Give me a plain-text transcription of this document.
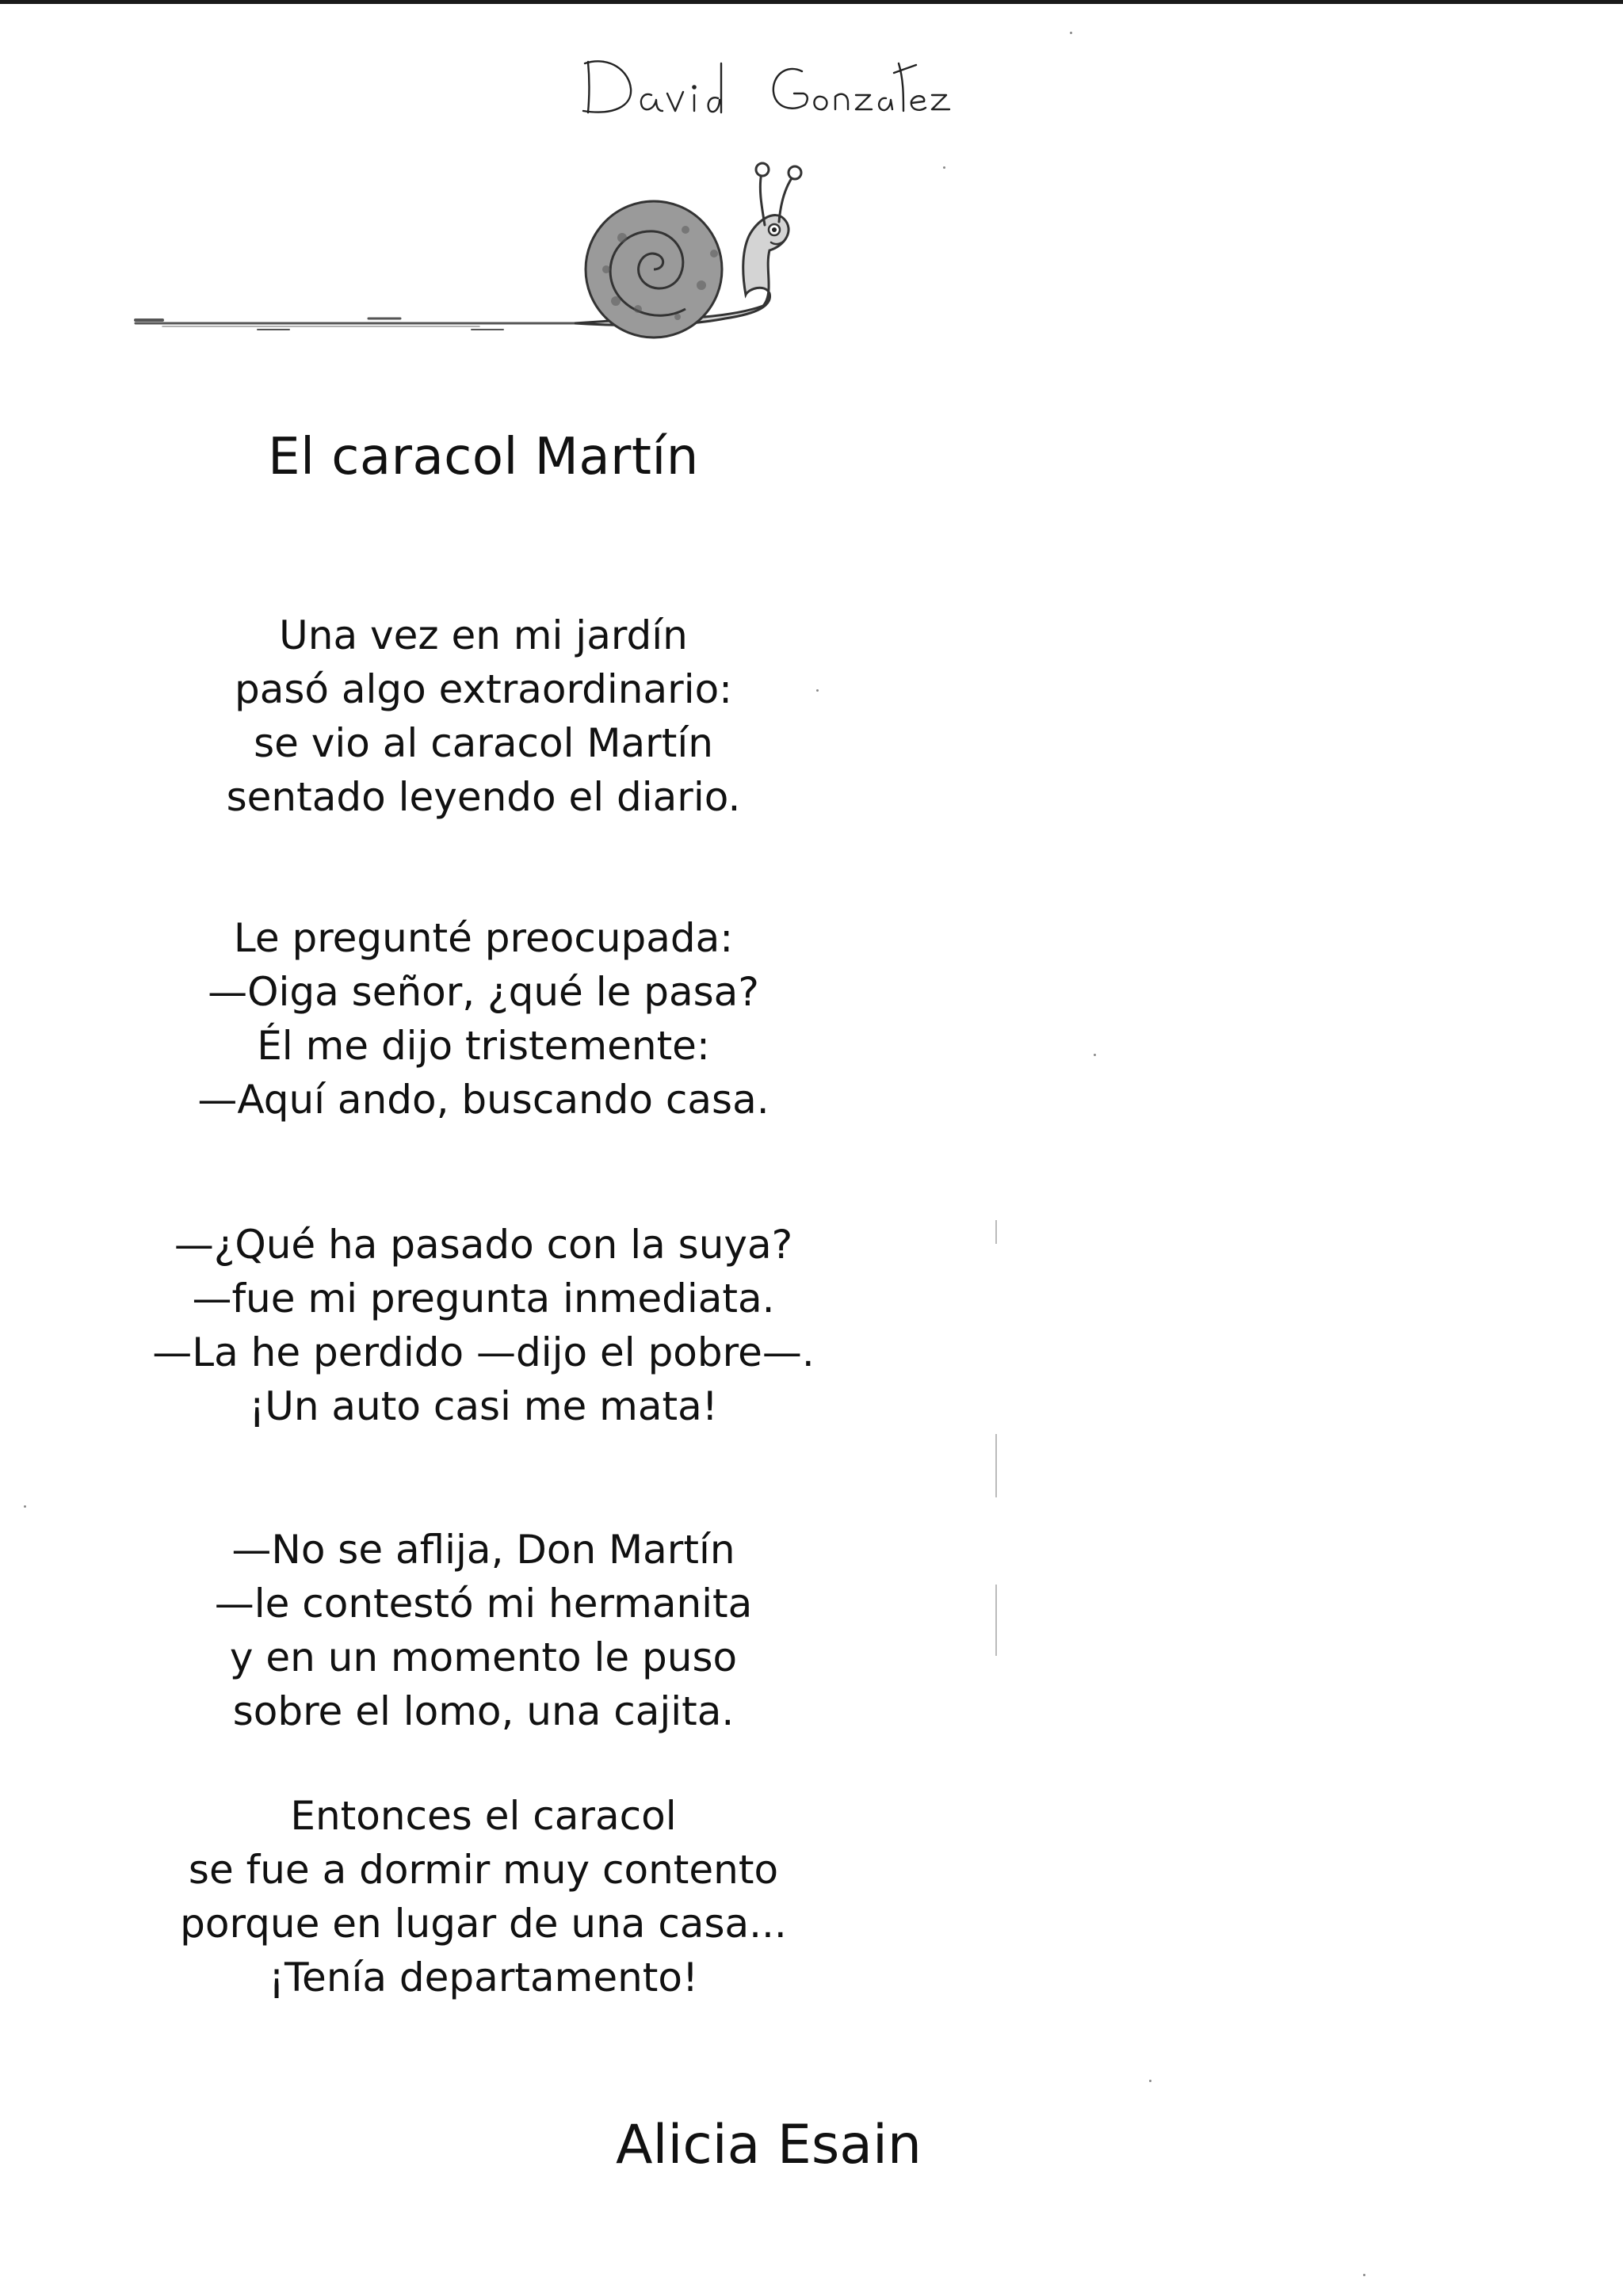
El caracol Martín
Una vez en mi jardín
pasó algo extraordinario:
se vio al caracol Martín
sentado leyendo el diario.
Le pregunté preocupada:
—Oiga señor, ¿qué le pasa?
Él me dijo tristemente:
—Aquí ando, buscando casa.
—¿Qué ha pasado con la suya?
—fue mi pregunta inmediata.
—La he perdido —dijo el pobre—.
¡Un auto casi me mata!
—No se aflija, Don Martín
—le contestó mi hermanita
y en un momento le puso
sobre el lomo, una cajita.
Entonces el caracol
se fue a dormir muy contento
porque en lugar de una casa...
¡Tenía departamento!
Alicia Esain
